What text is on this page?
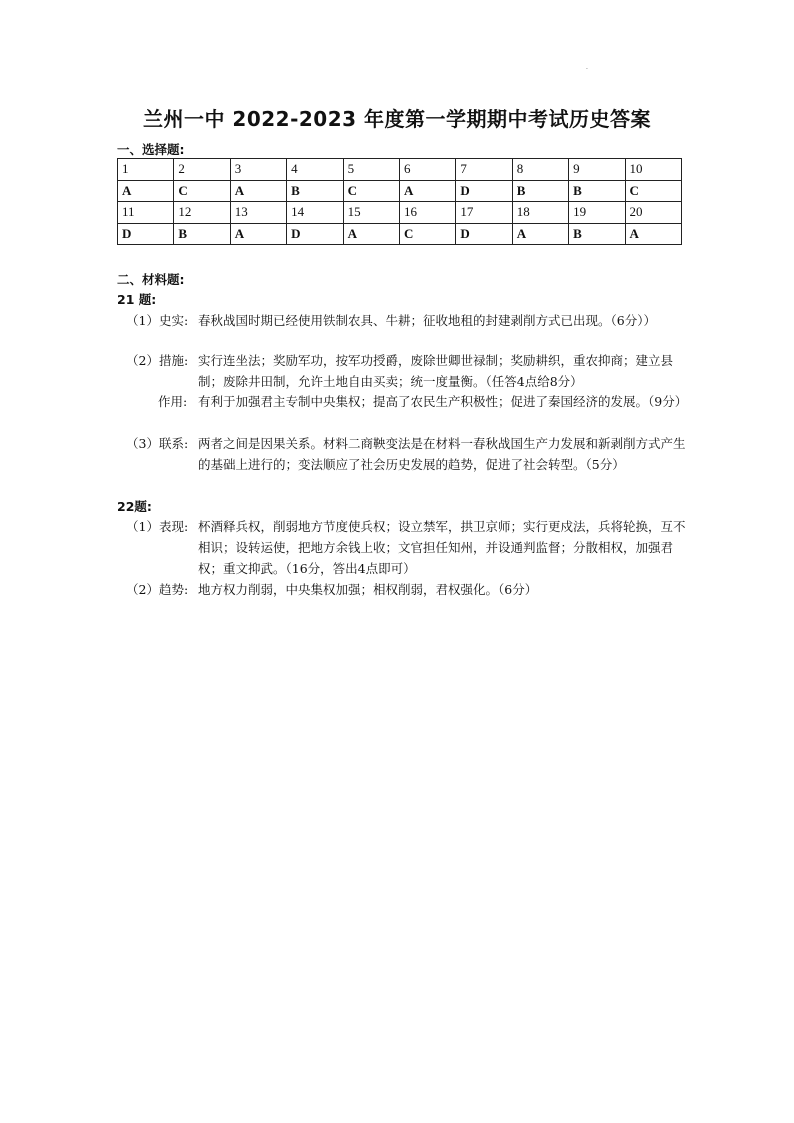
.
兰州一中 2022-2023 年度第一学期期中考试历史答案
一、选择题:
1	2	3	4	5	6	7	8	9	10
A	C	A	B	C	A	D	B	B	C
11	12	13	14	15	16	17	18	19	20
D	B	A	D	A	C	D	A	B	A
二、材料题:
21 题:
（1）史实: 春秋战国时期已经使用铁制农具、牛耕；征收地租的封建剥削方式已出现。（6分））
（2）措施: 实行连坐法；奖励军功，按军功授爵，废除世卿世禄制；奖励耕织，重农抑商；建立县制；废除井田制，允许土地自由买卖；统一度量衡。（任答4点给8分）
作用: 有利于加强君主专制中央集权；提高了农民生产积极性；促进了秦国经济的发展。（9分）
（3）联系: 两者之间是因果关系。材料二商鞅变法是在材料一春秋战国生产力发展和新剥削方式产生的基础上进行的；变法顺应了社会历史发展的趋势，促进了社会转型。（5分）
22题:
（1）表现: 杯酒释兵权，削弱地方节度使兵权；设立禁军，拱卫京师；实行更戍法，兵将轮换，互不相识；设转运使，把地方余钱上收；文官担任知州，并设通判监督；分散相权，加强君权；重文抑武。（16分，答出4点即可）
（2）趋势: 地方权力削弱，中央集权加强；相权削弱，君权强化。（6分）
